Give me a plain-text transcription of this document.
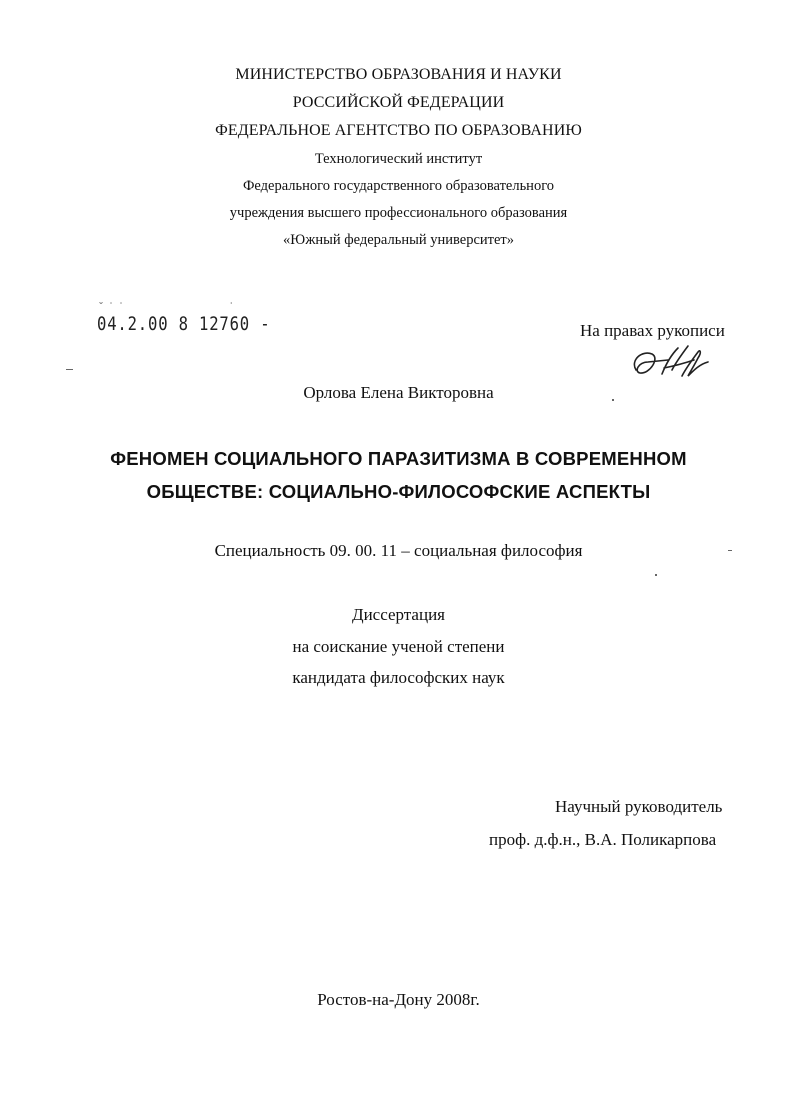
МИНИСТЕРСТВО ОБРАЗОВАНИЯ И НАУКИ
РОССИЙСКОЙ ФЕДЕРАЦИИ
ФЕДЕРАЛЬНОЕ АГЕНТСТВО ПО ОБРАЗОВАНИЮ
Технологический институт
Федерального государственного образовательного
учреждения высшего профессионального образования
«Южный федеральный университет»
˘˙˙          ˙
04.2.00 8 12760 -	На правах рукописи
Орлова Елена Викторовна
ФЕНОМЕН СОЦИАЛЬНОГО ПАРАЗИТИЗМА В СОВРЕМЕННОМ
ОБЩЕСТВЕ: СОЦИАЛЬНО-ФИЛОСОФСКИЕ АСПЕКТЫ
Специальность 09. 00. 11 – социальная философия
Диссертация
на соискание ученой степени
кандидата философских наук
Научный руководитель
проф. д.ф.н., В.А. Поликарпова
Ростов-на-Дону 2008г.
